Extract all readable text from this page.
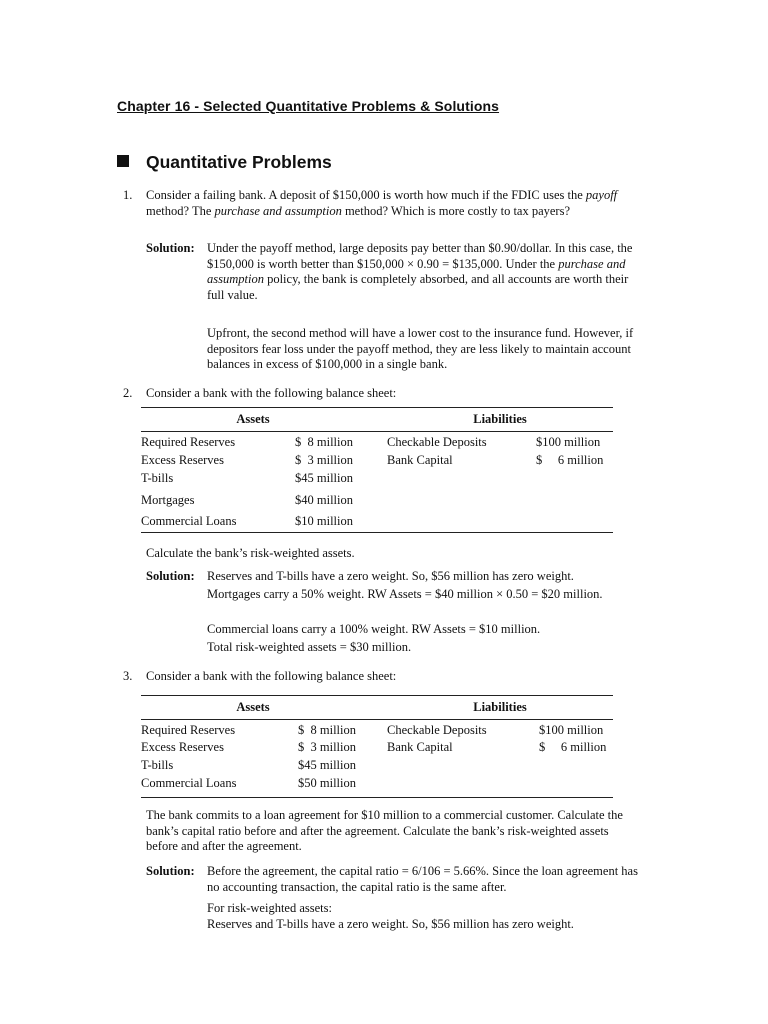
Chapter 16 - Selected Quantitative Problems & Solutions
Quantitative Problems
1.	Consider a failing bank. A deposit of $150,000 is worth how much if the FDIC uses the payoff method? The purchase and assumption method? Which is more costly to tax payers?
Solution: Under the payoff method, large deposits pay better than $0.90/dollar. In this case, the $150,000 is worth better than $150,000 × 0.90 = $135,000. Under the purchase and assumption policy, the bank is completely absorbed, and all accounts are worth their
full value.
Upfront, the second method will have a lower cost to the insurance fund. However, if depositors fear loss under the payoff method, they are less likely to maintain account balances in excess of $100,000 in a single bank.
2.	Consider a bank with the following balance sheet:
Assets	Liabilities
Required Reserves	$  8 million	Checkable Deposits	$100 million
Excess Reserves	$  3 million	Bank Capital	$     6 million
T-bills	$45 million
Mortgages	$40 million
Commercial Loans	$10 million
Calculate the bank’s risk-weighted assets.
Solution: Reserves and T-bills have a zero weight. So, $56 million has zero weight.
Mortgages carry a 50% weight. RW Assets = $40 million × 0.50 = $20 million.
Commercial loans carry a 100% weight. RW Assets = $10 million.
Total risk-weighted assets = $30 million.
3.	Consider a bank with the following balance sheet:
Assets	Liabilities
Required Reserves	$  8 million Checkable Deposits	$100 million
Excess Reserves	$  3 million Bank Capital	$     6 million
T-bills	$45 million
Commercial Loans	$50 million
The bank commits to a loan agreement for $10 million to a commercial customer. Calculate the bank’s capital ratio before and after the agreement. Calculate the bank’s risk-weighted assets before and after the agreement.
Solution: Before the agreement, the capital ratio = 6/106 = 5.66%. Since the loan agreement has no accounting transaction, the capital ratio is the same after.
For risk-weighted assets:
Reserves and T-bills have a zero weight. So, $56 million has zero weight.
